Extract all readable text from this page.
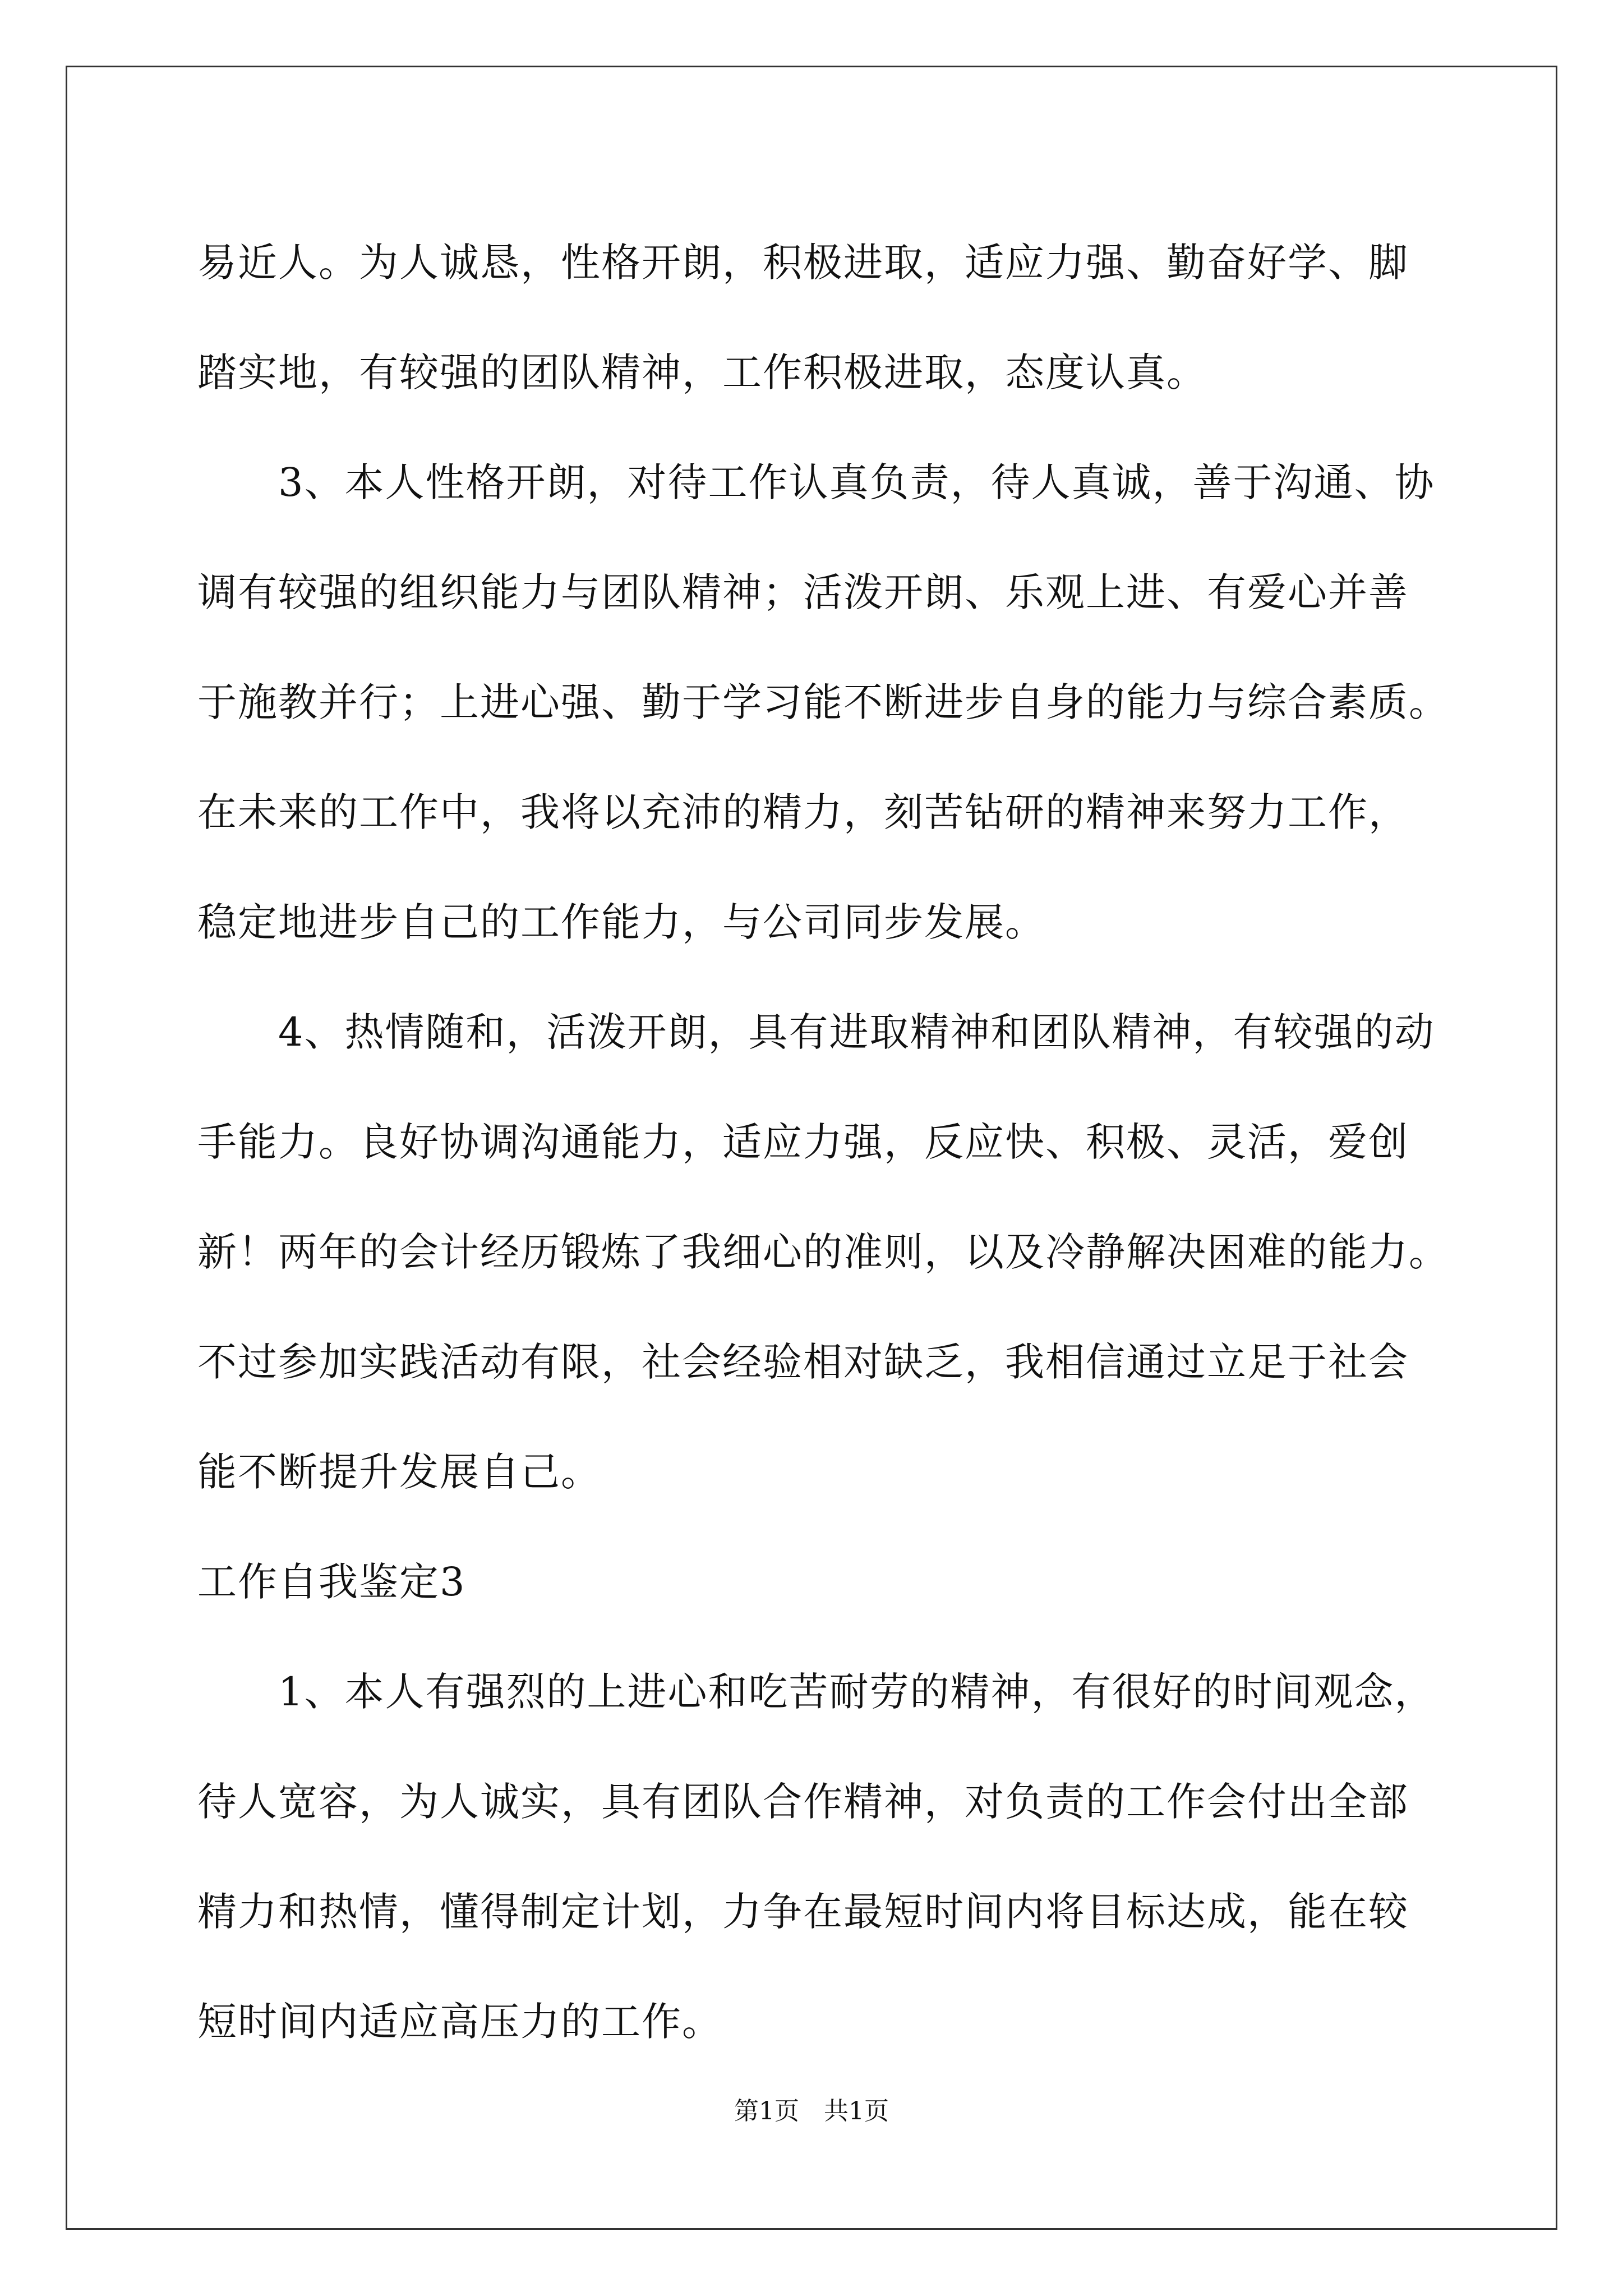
易近人。为人诚恳，性格开朗，积极进取，适应力强、勤奋好学、脚
踏实地，有较强的团队精神，工作积极进取，态度认真。
　　3、本人性格开朗，对待工作认真负责，待人真诚，善于沟通、协
调有较强的组织能力与团队精神；活泼开朗、乐观上进、有爱心并善
于施教并行；上进心强、勤于学习能不断进步自身的能力与综合素质。
在未来的工作中，我将以充沛的精力，刻苦钻研的精神来努力工作，
稳定地进步自己的工作能力，与公司同步发展。
　　4、热情随和，活泼开朗，具有进取精神和团队精神，有较强的动
手能力。良好协调沟通能力，适应力强，反应快、积极、灵活，爱创
新！两年的会计经历锻炼了我细心的准则，以及冷静解决困难的能力。
不过参加实践活动有限，社会经验相对缺乏，我相信通过立足于社会
能不断提升发展自己。
工作自我鉴定3
　　1、本人有强烈的上进心和吃苦耐劳的精神，有很好的时间观念，
待人宽容，为人诚实，具有团队合作精神，对负责的工作会付出全部
精力和热情，懂得制定计划，力争在最短时间内将目标达成，能在较
短时间内适应高压力的工作。
第1页 共1页
